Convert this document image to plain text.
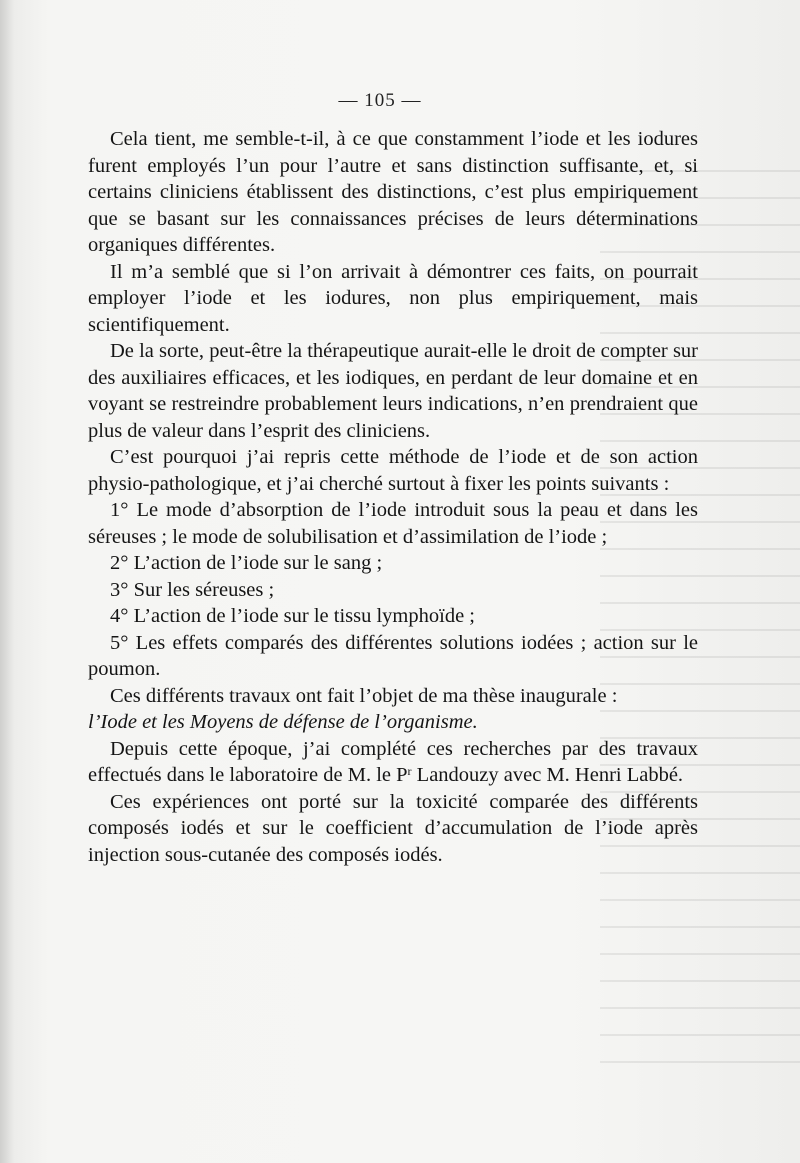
— 105 —

Cela tient, me semble-t-il, à ce que constamment l’iode et les iodures furent employés l’un pour l’autre et sans distinction suffisante, et, si certains cliniciens établissent des distinctions, c’est plus empiriquement que se basant sur les connaissances précises de leurs déterminations organiques différentes.

Il m’a semblé que si l’on arrivait à démontrer ces faits, on pourrait employer l’iode et les iodures, non plus empiriquement, mais scientifiquement.

De la sorte, peut-être la thérapeutique aurait-elle le droit de compter sur des auxiliaires efficaces, et les iodiques, en perdant de leur domaine et en voyant se restreindre probablement leurs indications, n’en prendraient que plus de valeur dans l’esprit des cliniciens.

C’est pourquoi j’ai repris cette méthode de l’iode et de son action physio-pathologique, et j’ai cherché surtout à fixer les points suivants :

1° Le mode d’absorption de l’iode introduit sous la peau et dans les séreuses ; le mode de solubilisation et d’assimilation de l’iode ;

2° L’action de l’iode sur le sang ;

3° Sur les séreuses ;

4° L’action de l’iode sur le tissu lymphoïde ;

5° Les effets comparés des différentes solutions iodées ; action sur le poumon.

Ces différents travaux ont fait l’objet de ma thèse inaugurale :
l’Iode et les Moyens de défense de l’organisme.

Depuis cette époque, j’ai complété ces recherches par des travaux effectués dans le laboratoire de M. le $P^r$ Landouzy avec M. Henri Labbé.

Ces expériences ont porté sur la toxicité comparée des différents composés iodés et sur le coefficient d’accumulation de l’iode après injection sous-cutanée des composés iodés.
